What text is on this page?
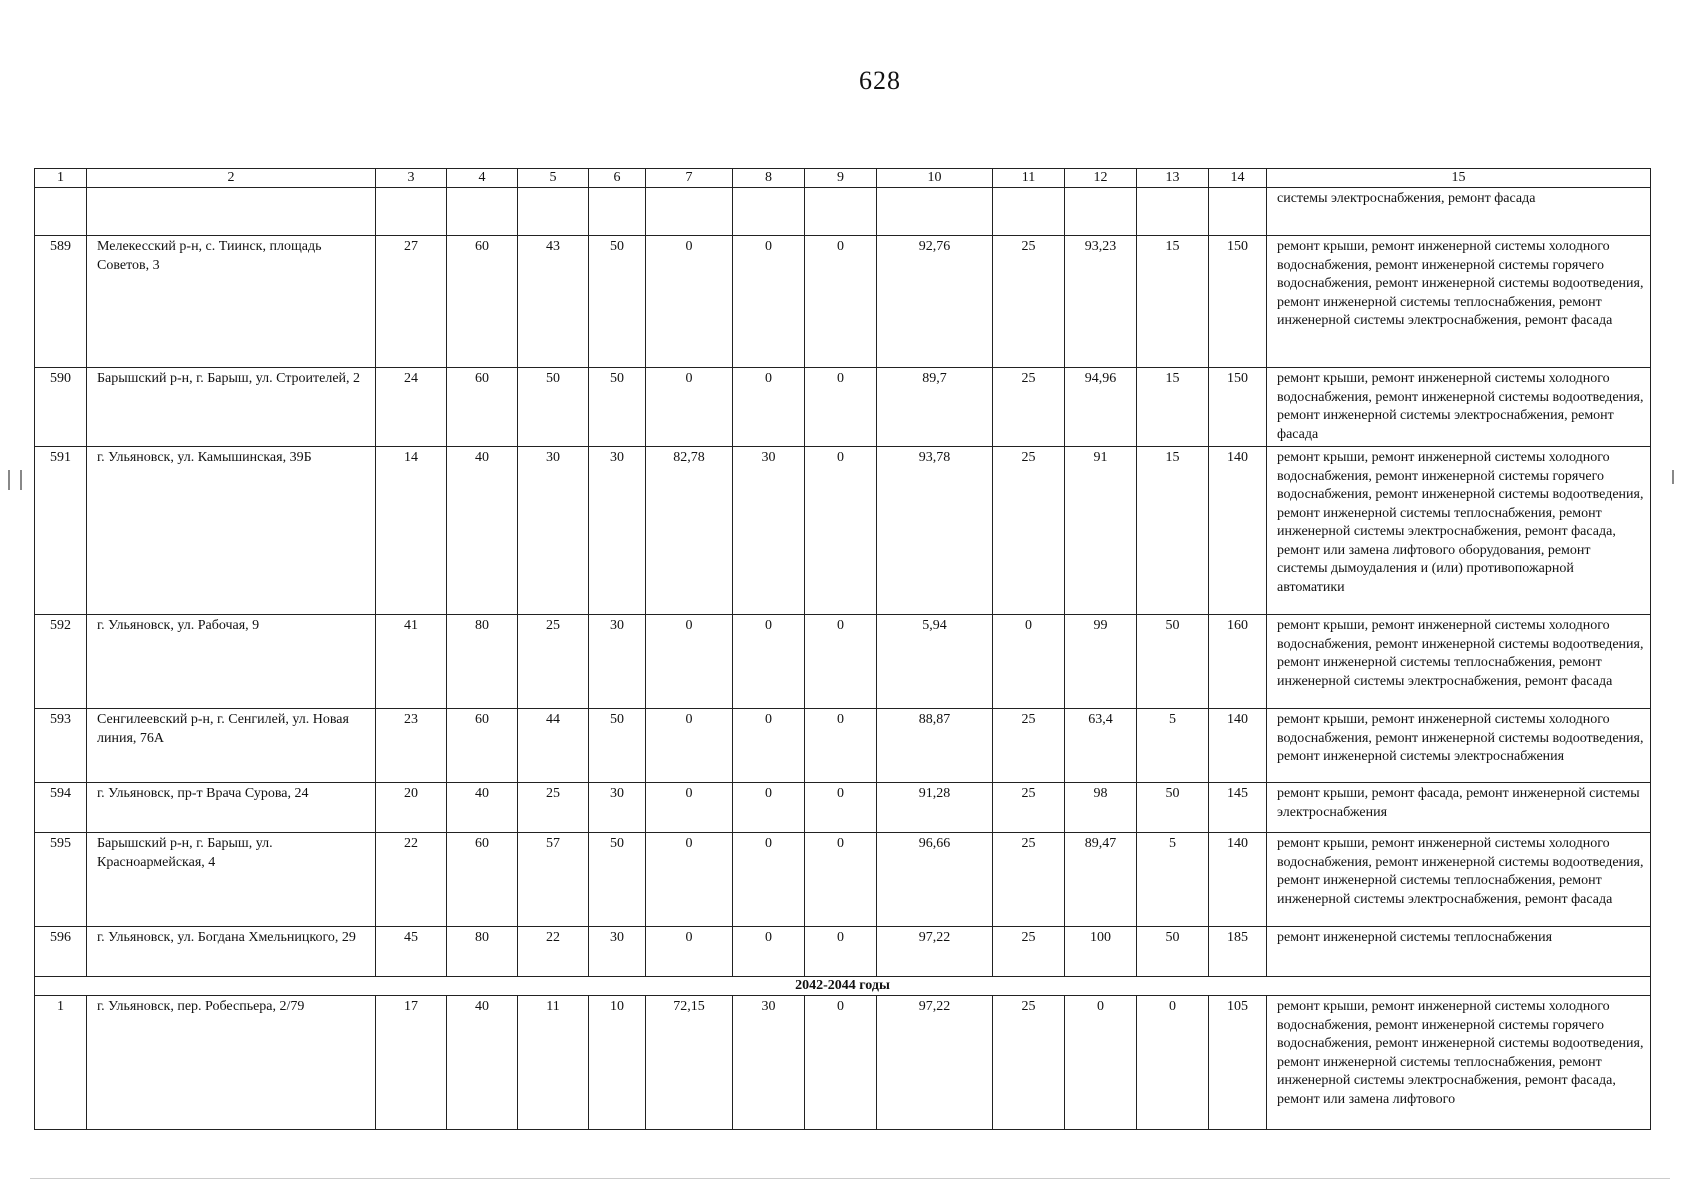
628
1	2	3	4	5	6	7	8	9	10	11	12	13	14	15
														системы электроснабжения, ремонт фасада
589	Мелекесский р-н, с. Тиинск, площадь Советов, 3	27	60	43	50	0	0	0	92,76	25	93,23	15	150	ремонт крыши, ремонт инженерной системы холодного водоснабжения, ремонт инженерной системы горячего водоснабжения, ремонт инженерной системы водоотведения, ремонт инженерной системы теплоснабжения, ремонт инженерной системы электроснабжения, ремонт фасада
590	Барышский р-н, г. Барыш, ул. Строителей, 2	24	60	50	50	0	0	0	89,7	25	94,96	15	150	ремонт крыши, ремонт инженерной системы холодного водоснабжения, ремонт инженерной системы водоотведения, ремонт инженерной системы электроснабжения, ремонт фасада
591	г. Ульяновск, ул. Камышинская, 39Б	14	40	30	30	82,78	30	0	93,78	25	91	15	140	ремонт крыши, ремонт инженерной системы холодного водоснабжения, ремонт инженерной системы горячего водоснабжения, ремонт инженерной системы водоотведения, ремонт инженерной системы теплоснабжения, ремонт инженерной системы электроснабжения, ремонт фасада, ремонт или замена лифтового оборудования, ремонт системы дымоудаления и (или) противопожарной автоматики
592	г. Ульяновск, ул. Рабочая, 9	41	80	25	30	0	0	0	5,94	0	99	50	160	ремонт крыши, ремонт инженерной системы холодного водоснабжения, ремонт инженерной системы водоотведения, ремонт инженерной системы теплоснабжения, ремонт инженерной системы электроснабжения, ремонт фасада
593	Сенгилеевский р-н, г. Сенгилей, ул. Новая линия, 76А	23	60	44	50	0	0	0	88,87	25	63,4	5	140	ремонт крыши, ремонт инженерной системы холодного водоснабжения, ремонт инженерной системы водоотведения, ремонт инженерной системы электроснабжения
594	г. Ульяновск, пр-т Врача Сурова, 24	20	40	25	30	0	0	0	91,28	25	98	50	145	ремонт крыши, ремонт фасада, ремонт инженерной системы электроснабжения
595	Барышский р-н, г. Барыш, ул. Красноармейская, 4	22	60	57	50	0	0	0	96,66	25	89,47	5	140	ремонт крыши, ремонт инженерной системы холодного водоснабжения, ремонт инженерной системы водоотведения, ремонт инженерной системы теплоснабжения, ремонт инженерной системы электроснабжения, ремонт фасада
596	г. Ульяновск, ул. Богдана Хмельницкого, 29	45	80	22	30	0	0	0	97,22	25	100	50	185	ремонт инженерной системы теплоснабжения
2042-2044 годы														
1	г. Ульяновск, пер. Робеспьера, 2/79	17	40	11	10	72,15	30	0	97,22	25	0	0	105	ремонт крыши, ремонт инженерной системы холодного водоснабжения, ремонт инженерной системы горячего водоснабжения, ремонт инженерной системы водоотведения, ремонт инженерной системы теплоснабжения, ремонт инженерной системы электроснабжения, ремонт фасада, ремонт или замена лифтового
